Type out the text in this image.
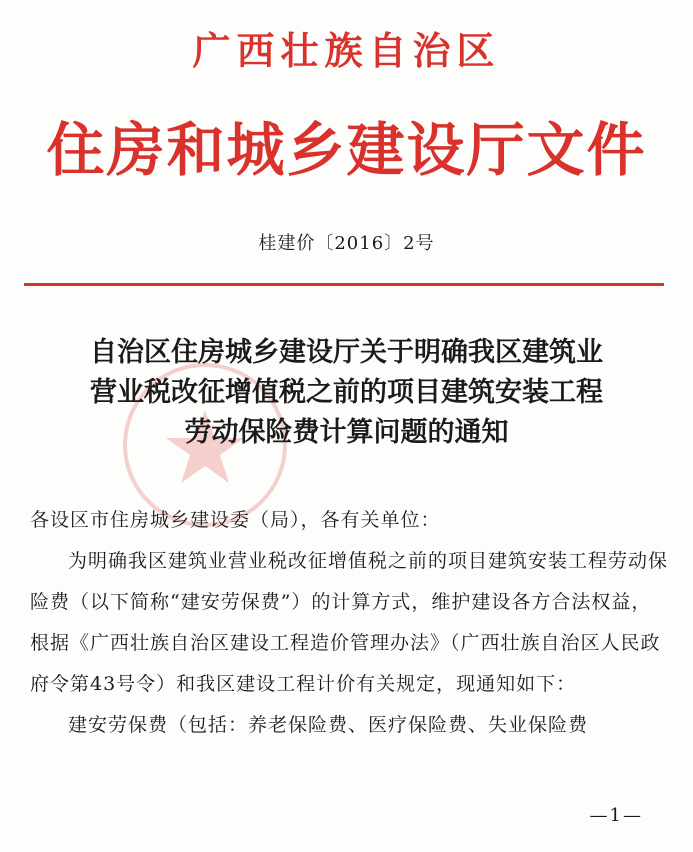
广西壮族自治区
住房和城乡建设厅文件
桂建价〔2016〕2号
自治区住房城乡建设厅关于明确我区建筑业
营业税改征增值税之前的项目建筑安装工程
劳动保险费计算问题的通知

各设区市住房城乡建设委（局），各有关单位：

为明确我区建筑业营业税改征增值税之前的项目建筑安装工程劳动保险费（以下简称“建安劳保费”）的计算方式，维护建设各方合法权益，根据《广西壮族自治区建设工程造价管理办法》（广西壮族自治区人民政府令第43号令）和我区建设工程计价有关规定，现通知如下：

建安劳保费（包括：养老保险费、医疗保险费、失业保险费

—1—
